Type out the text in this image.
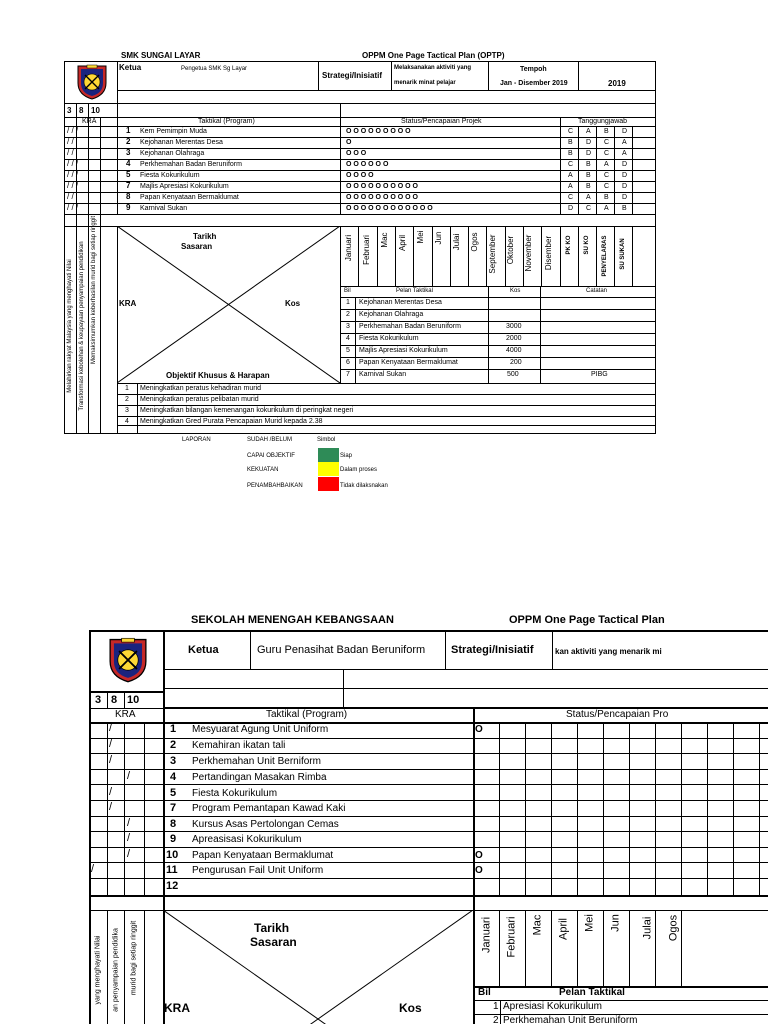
SMK SUNGAI LAYAR	OPPM One Page Tactical Plan (OPTP)
Ketua	Pengetua SMK Sg Layar
Strategi/Inisiatif
Melaksanakan aktiviti yang
menarik minat pelajar
Tempoh
Jan - Disember 2019	2019
3 8 10
KRA	Taktikal (Program)	Status/Pencapaian Projek	Tanggungjawab
/ / /	1 Kem Pemimpin Muda	O O O O O O O O O	C A B D
/ /	2 Kejohanan Merentas Desa	O	B D C A
/ /	3 Kejohanan Olahraga	O O O	B D C A
/ / /	4 Perkhemahan Badan Beruniform	O O O O O O	C B A D
/ / /	5 Fiesta Kokurikulum	O O O O	A B C D
/ / /	7 Majlis Apresiasi Kokurikulum	O O O O O O O O O O	A B C D
/ /	8 Papan Kenyataan Bermaklumat	O O O O O O O O O O	C A B D
/ / /	9 Karnival Sukan	O O O O O O O O O O O O	D C A B
Tarikh
Sasaran
KRA	Kos
Objektif Khusus & Harapan
Melahirkan rakyat Malaysia yang menghayati Nilai Transformasi kebolehan & keupayaan penyampaian pendidikan Memaksimumkan keberhasilan murid bagi setiap ringgit	Januari Februari Mac April Mei Jun Julai Ogos September Oktober November Disember PK KO SU KO PENYELARAS SU SUKAN
Bil	Pelan Taktikal	Kos	Catatan
1 Kejohanan Merentas Desa
2 Kejohanan Olahraga
3 Perkhemahan Badan Beruniform	3000
4 Fiesta Kokurikulum	2000
5 Majlis Apresiasi Kokurikulum	4000
6 Papan Kenyataan Bermaklumat	200
7 Karnival Sukan	500	PIBG
1 Meningkatkan peratus kehadiran murid
2 Meningkatkan peratus pelibatan murid
3 Meningkatkan bilangan kemenangan kokurikulum di peringkat negeri
4 Meningkatkan Gred Purata Pencapaian Murid kepada 2.38
LAPORAN	SUDAH /BELUM	Simbol
CAPAI OBJEKTIF	Siap
KEKUATAN	Dalam proses
PENAMBAHBAIKAN	Tidak dilaksnakan
SEKOLAH MENENGAH KEBANGSAAN	OPPM One Page Tactical Plan
Ketua	Guru Penasihat Badan Beruniform Strategi/Inisiatif	kan aktiviti yang menarik mi
3 8 10
KRA	Taktikal (Program)	Status/Pencapaian Pro
/	1 Mesyuarat Agung Unit Uniform	O
/	2 Kemahiran ikatan tali
/	3 Perkhemahan Unit Berniform
/	4 Pertandingan Masakan Rimba
/	5 Fiesta Kokurikulum
/	7 Program Pemantapan Kawad Kaki
/	8 Kursus Asas Pertolongan Cemas
/	9 Apreasisasi Kokurikulum
/	10 Papan Kenyataan Bermaklumat	O
/	11 Pengurusan Fail Unit Uniform	O
12
Tarikh
Sasaran
KRA	Kos
yang menghayati Nilai an penyampaian pendidika murid bagi setiap ringgit	Januari Februari Mac April Mei Jun Julai Ogos
Bil	Pelan Taktikal
1 Apresiasi Kokurikulum
2 Perkhemahan Unit Beruniform
